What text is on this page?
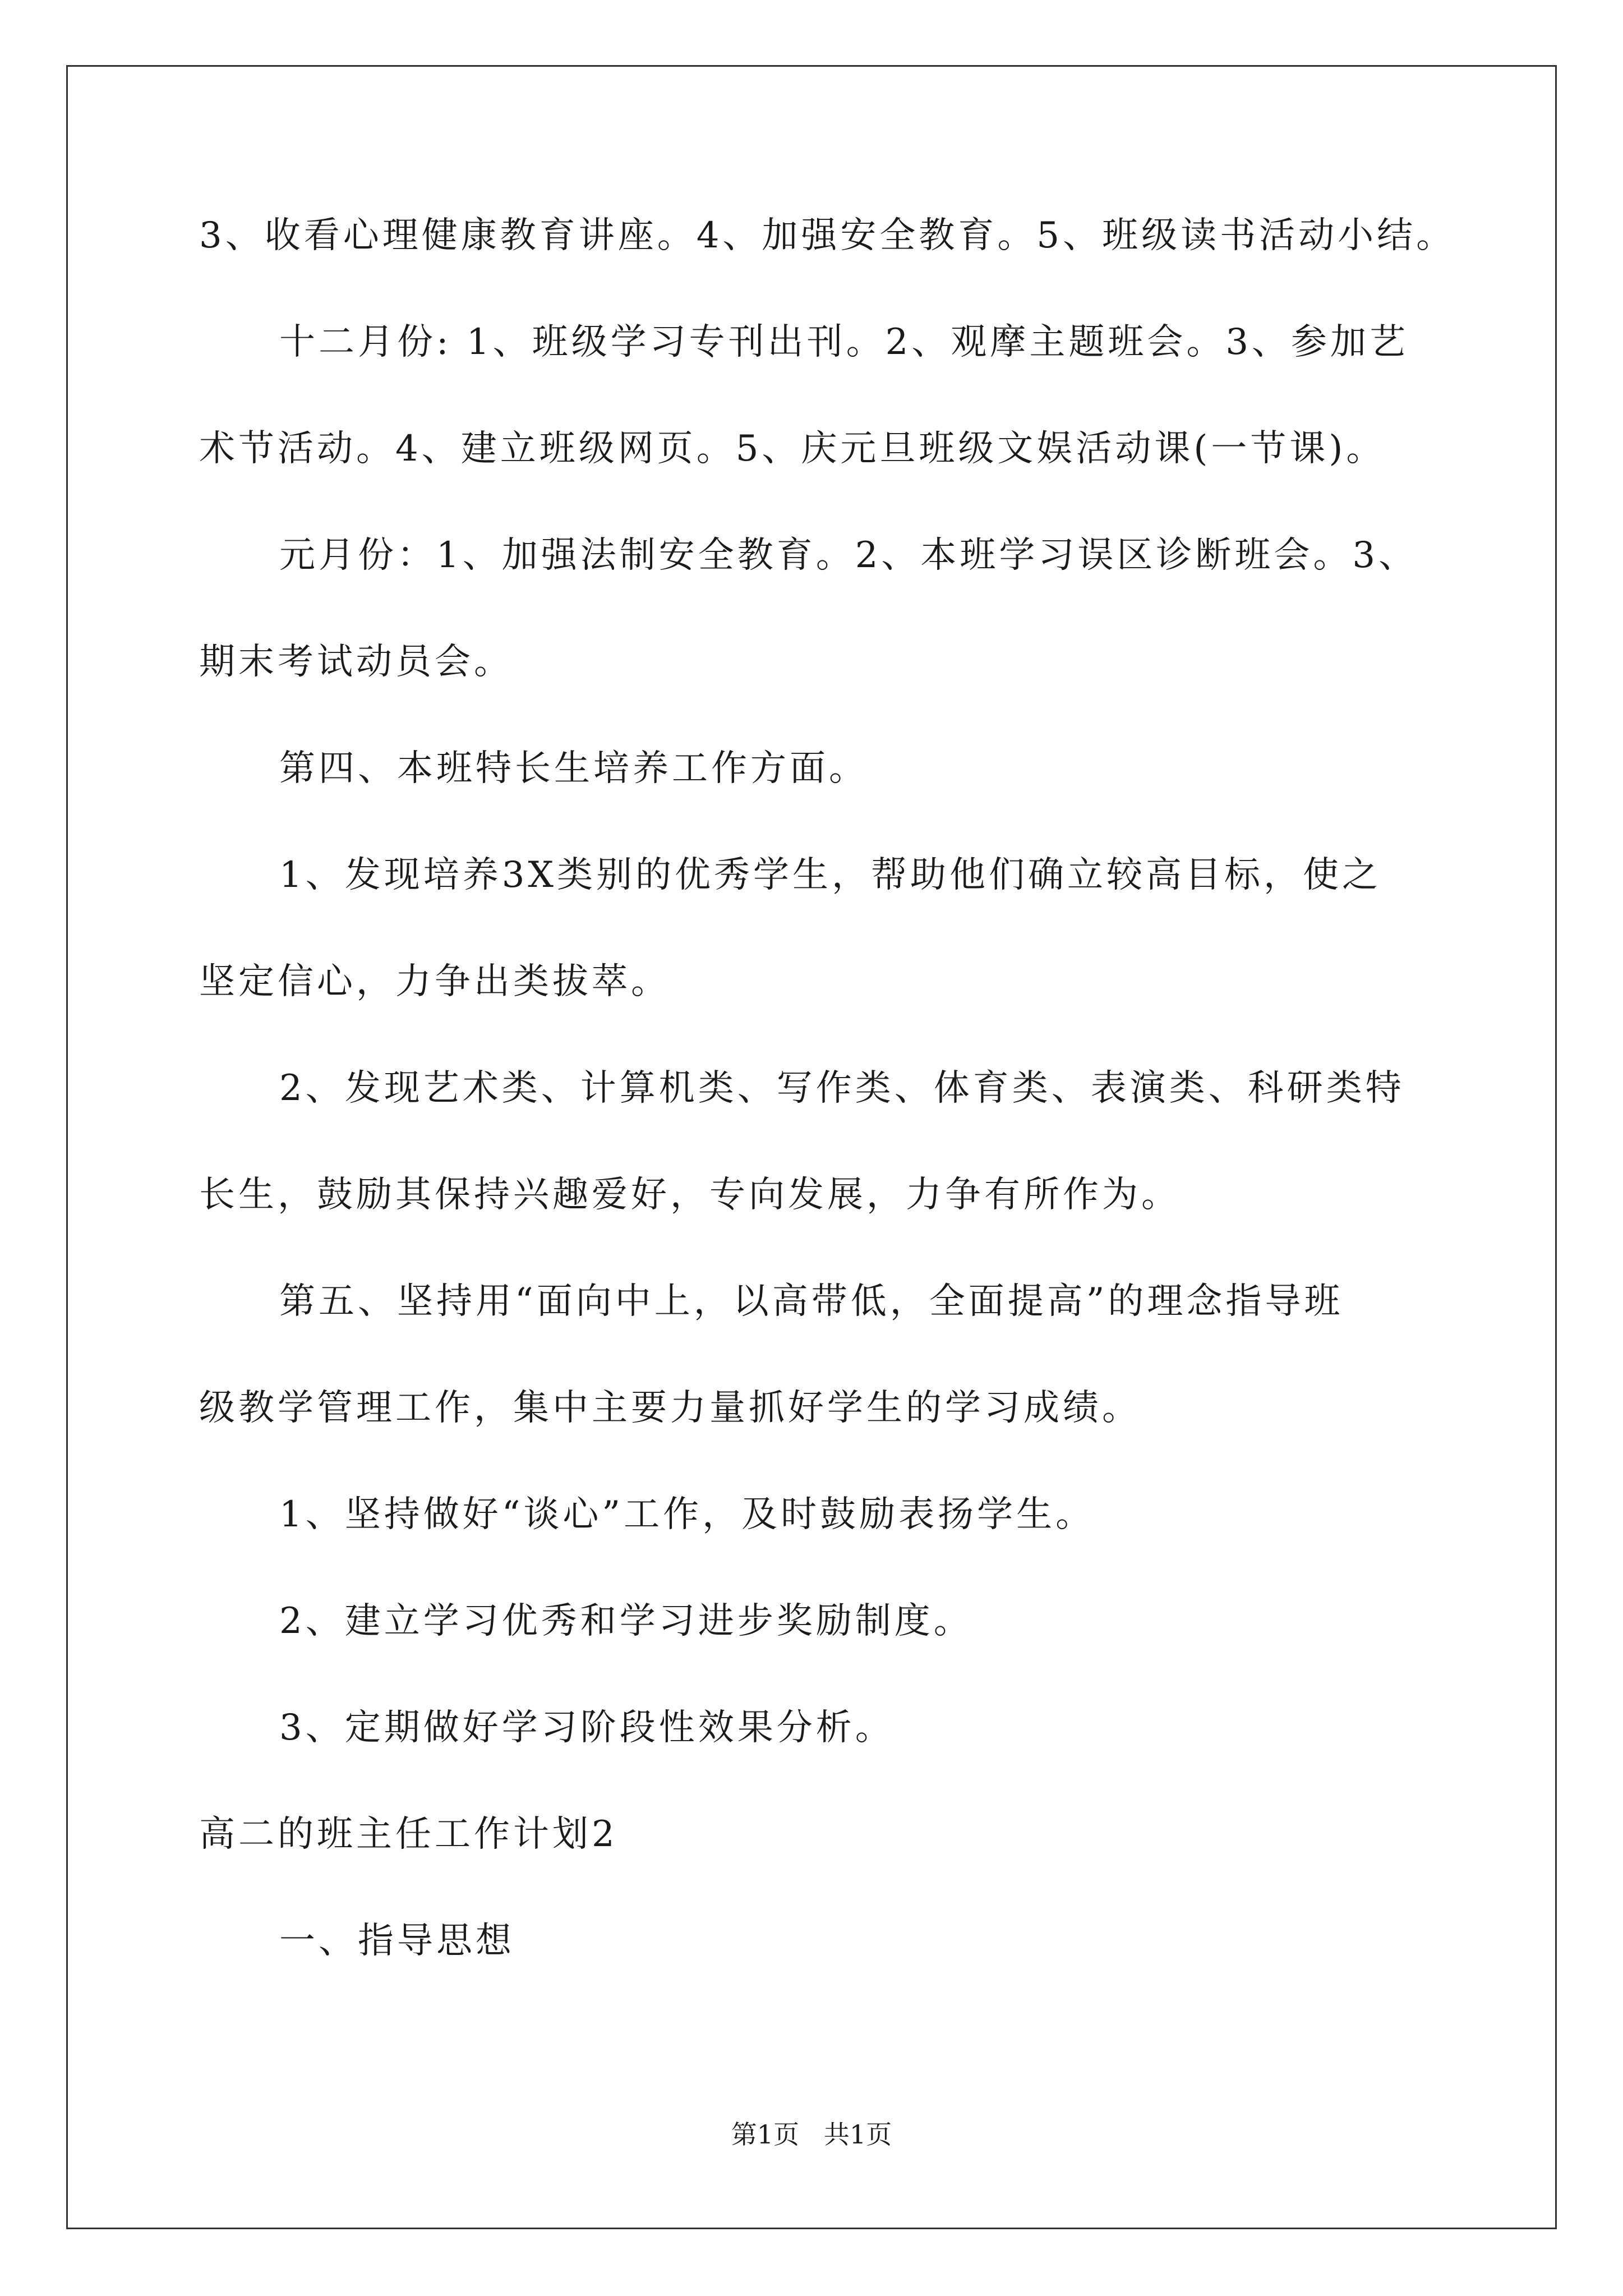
3、收看心理健康教育讲座。4、加强安全教育。5、班级读书活动小结。
十二月份: 1、班级学习专刊出刊。2、观摩主题班会。3、参加艺
术节活动。4、建立班级网页。5、庆元旦班级文娱活动课(一节课)。
元月份：1、加强法制安全教育。2、本班学习误区诊断班会。3、
期末考试动员会。
第四、本班特长生培养工作方面。
1、发现培养3X类别的优秀学生，帮助他们确立较高目标，使之
坚定信心，力争出类拔萃。
2、发现艺术类、计算机类、写作类、体育类、表演类、科研类特
长生，鼓励其保持兴趣爱好，专向发展，力争有所作为。
第五、坚持用“面向中上，以高带低，全面提高”的理念指导班
级教学管理工作，集中主要力量抓好学生的学习成绩。
1、坚持做好“谈心”工作，及时鼓励表扬学生。
2、建立学习优秀和学习进步奖励制度。
3、定期做好学习阶段性效果分析。
高二的班主任工作计划2
一、指导思想
第1页   共1页
